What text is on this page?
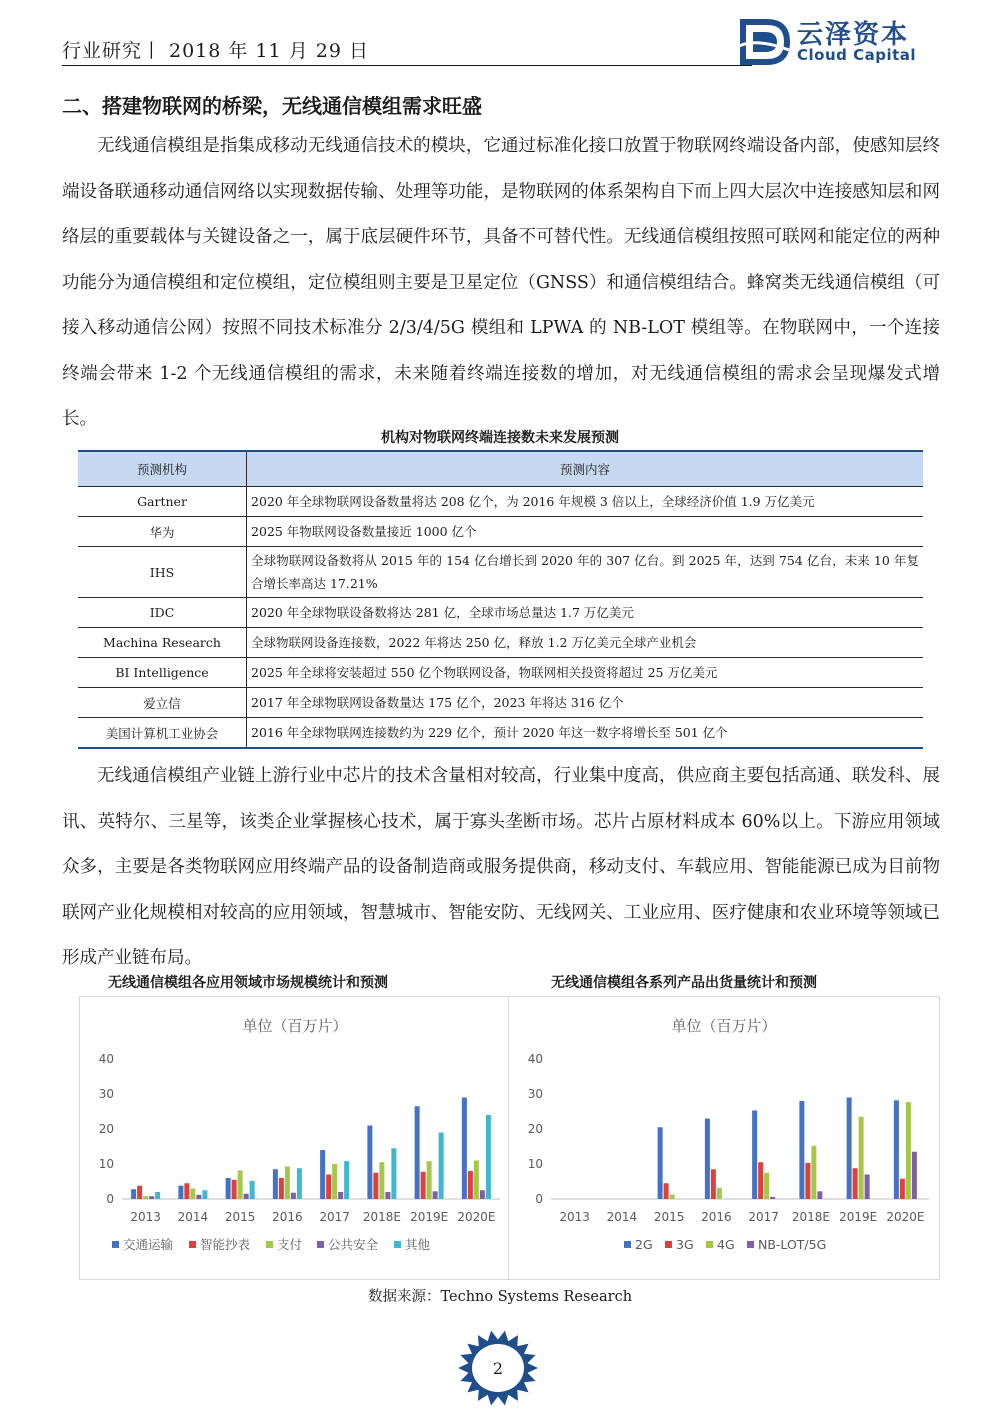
行业研究丨 2018 年 11 月 29 日
云泽资本
Cloud Capital
二、搭建物联网的桥梁，无线通信模组需求旺盛

无线通信模组是指集成移动无线通信技术的模块，它通过标准化接口放置于物联网终端设备内部，使感知层终端设备联通移动通信网络以实现数据传输、处理等功能，是物联网的体系架构自下而上四大层次中连接感知层和网络层的重要载体与关键设备之一，属于底层硬件环节，具备不可替代性。无线通信模组按照可联网和能定位的两种功能分为通信模组和定位模组，定位模组则主要是卫星定位（GNSS）和通信模组结合。蜂窝类无线通信模组（可接入移动通信公网）按照不同技术标准分 2/3/4/5G 模组和 LPWA 的 NB-LOT 模组等。在物联网中，一个连接终端会带来 1-2 个无线通信模组的需求，未来随着终端连接数的增加，对无线通信模组的需求会呈现爆发式增长。

机构对物联网终端连接数未来发展预测
预测机构	预测内容
Gartner	2020 年全球物联网设备数量将达 208 亿个，为 2016 年规模 3 倍以上，全球经济价值 1.9 万亿美元
华为	2025 年物联网设备数量接近 1000 亿个
IHS	全球物联网设备数将从 2015 年的 154 亿台增长到 2020 年的 307 亿台。到 2025 年，达到 754 亿台，未来 10 年复合增长率高达 17.21%
IDC	2020 年全球物联设备数将达 281 亿，全球市场总量达 1.7 万亿美元
Machina Research	全球物联网设备连接数，2022 年将达 250 亿，释放 1.2 万亿美元全球产业机会
BI Intelligence	2025 年全球将安装超过 550 亿个物联网设备，物联网相关投资将超过 25 万亿美元
爱立信	2017 年全球物联网设备数量达 175 亿个，2023 年将达 316 亿个
美国计算机工业协会	2016 年全球物联网连接数约为 229 亿个，预计 2020 年这一数字将增长至 501 亿个

无线通信模组产业链上游行业中芯片的技术含量相对较高，行业集中度高，供应商主要包括高通、联发科、展讯、英特尔、三星等，该类企业掌握核心技术，属于寡头垄断市场。芯片占原材料成本 60%以上。下游应用领域众多，主要是各类物联网应用终端产品的设备制造商或服务提供商，移动支付、车载应用、智能能源已成为目前物联网产业化规模相对较高的应用领域，智慧城市、智能安防、无线网关、工业应用、医疗健康和农业环境等领域已形成产业链布局。

无线通信模组各应用领域市场规模统计和预测	无线通信模组各系列产品出货量统计和预测
单位（百万片）
0
10
20
30
40
2013 2014 2015 2016 2017 2018E 2019E 2020E
交通运输 智能抄表 支付 公共安全 其他
单位（百万片）
0
10
20
30
40
2013 2014 2015 2016 2017 2018E 2019E 2020E
2G 3G 4G NB-LOT/5G
数据来源：Techno Systems Research
2
